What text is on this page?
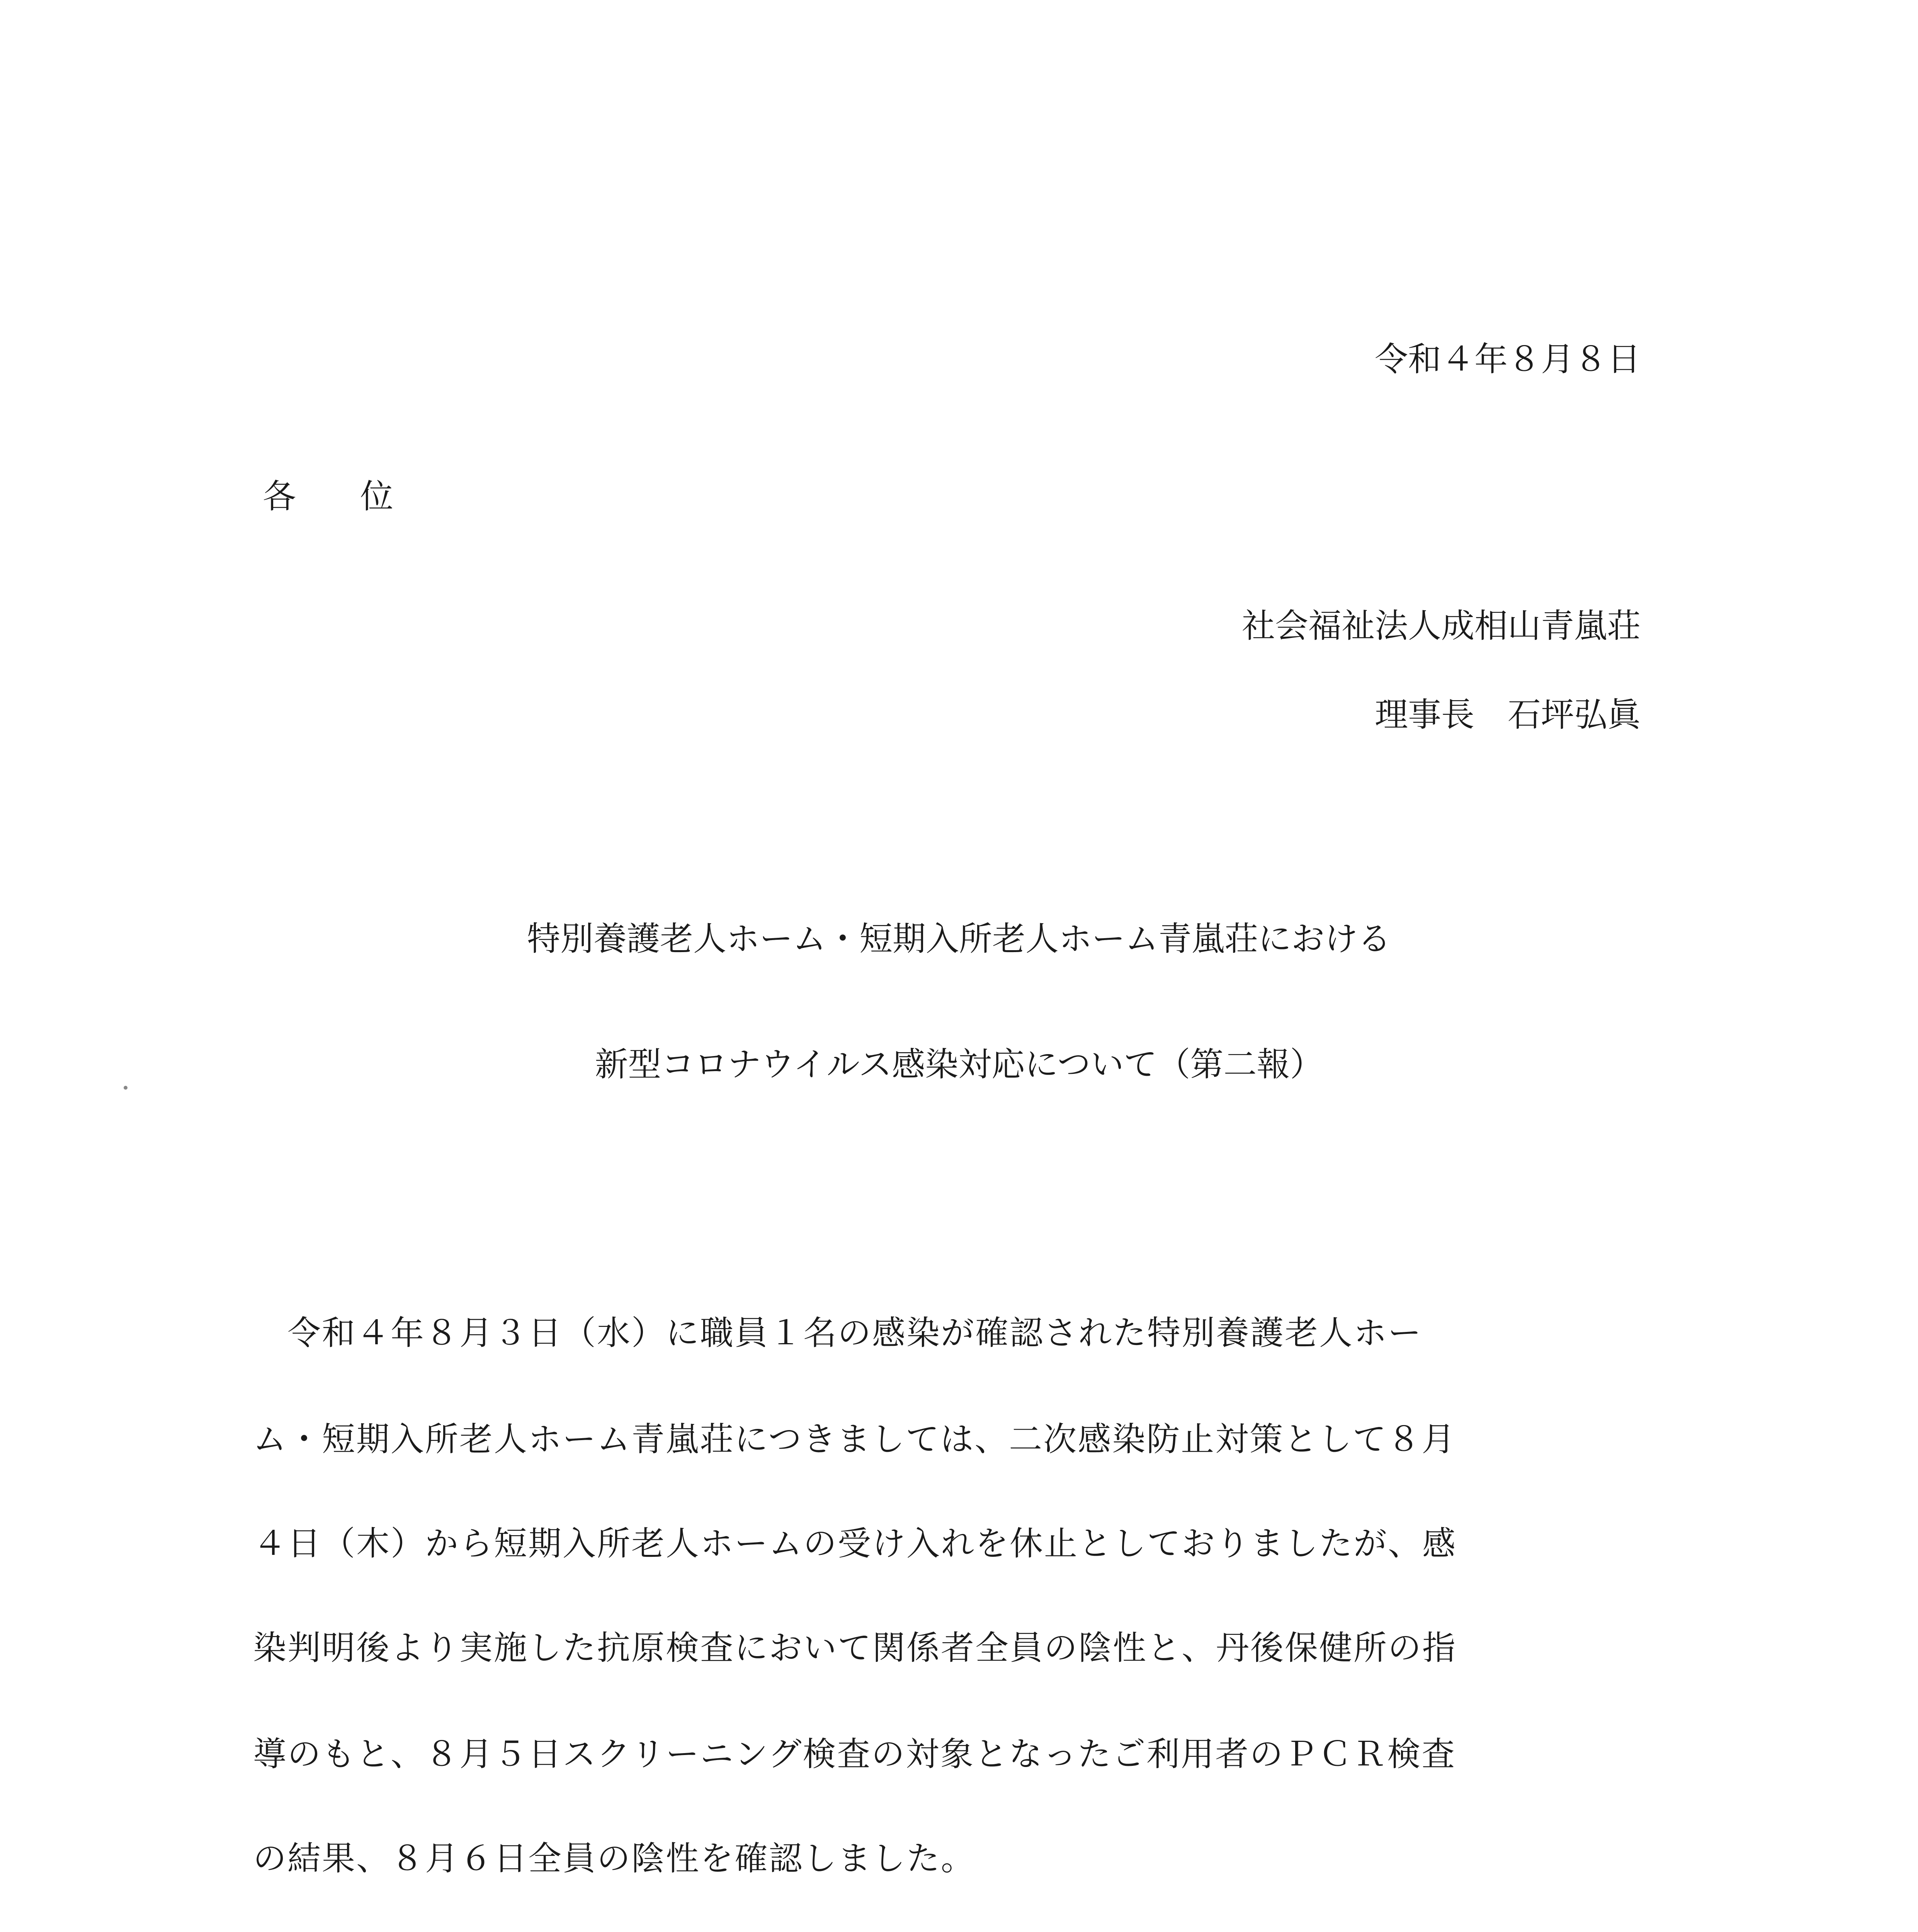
令和４年８月８日
各　位
社会福祉法人成相山青嵐荘
理事長　石坪弘眞
特別養護老人ホーム・短期入所老人ホーム青嵐荘における
新型コロナウイルス感染対応について（第二報）
　令和４年８月３日（水）に職員１名の感染が確認された特別養護老人ホー
ム・短期入所老人ホーム青嵐荘につきましては、二次感染防止対策として８月
４日（木）から短期入所老人ホームの受け入れを休止としておりましたが、感
染判明後より実施した抗原検査において関係者全員の陰性と、丹後保健所の指
導のもと、８月５日スクリーニング検査の対象となったご利用者のＰＣＲ検査
の結果、８月６日全員の陰性を確認しました。
